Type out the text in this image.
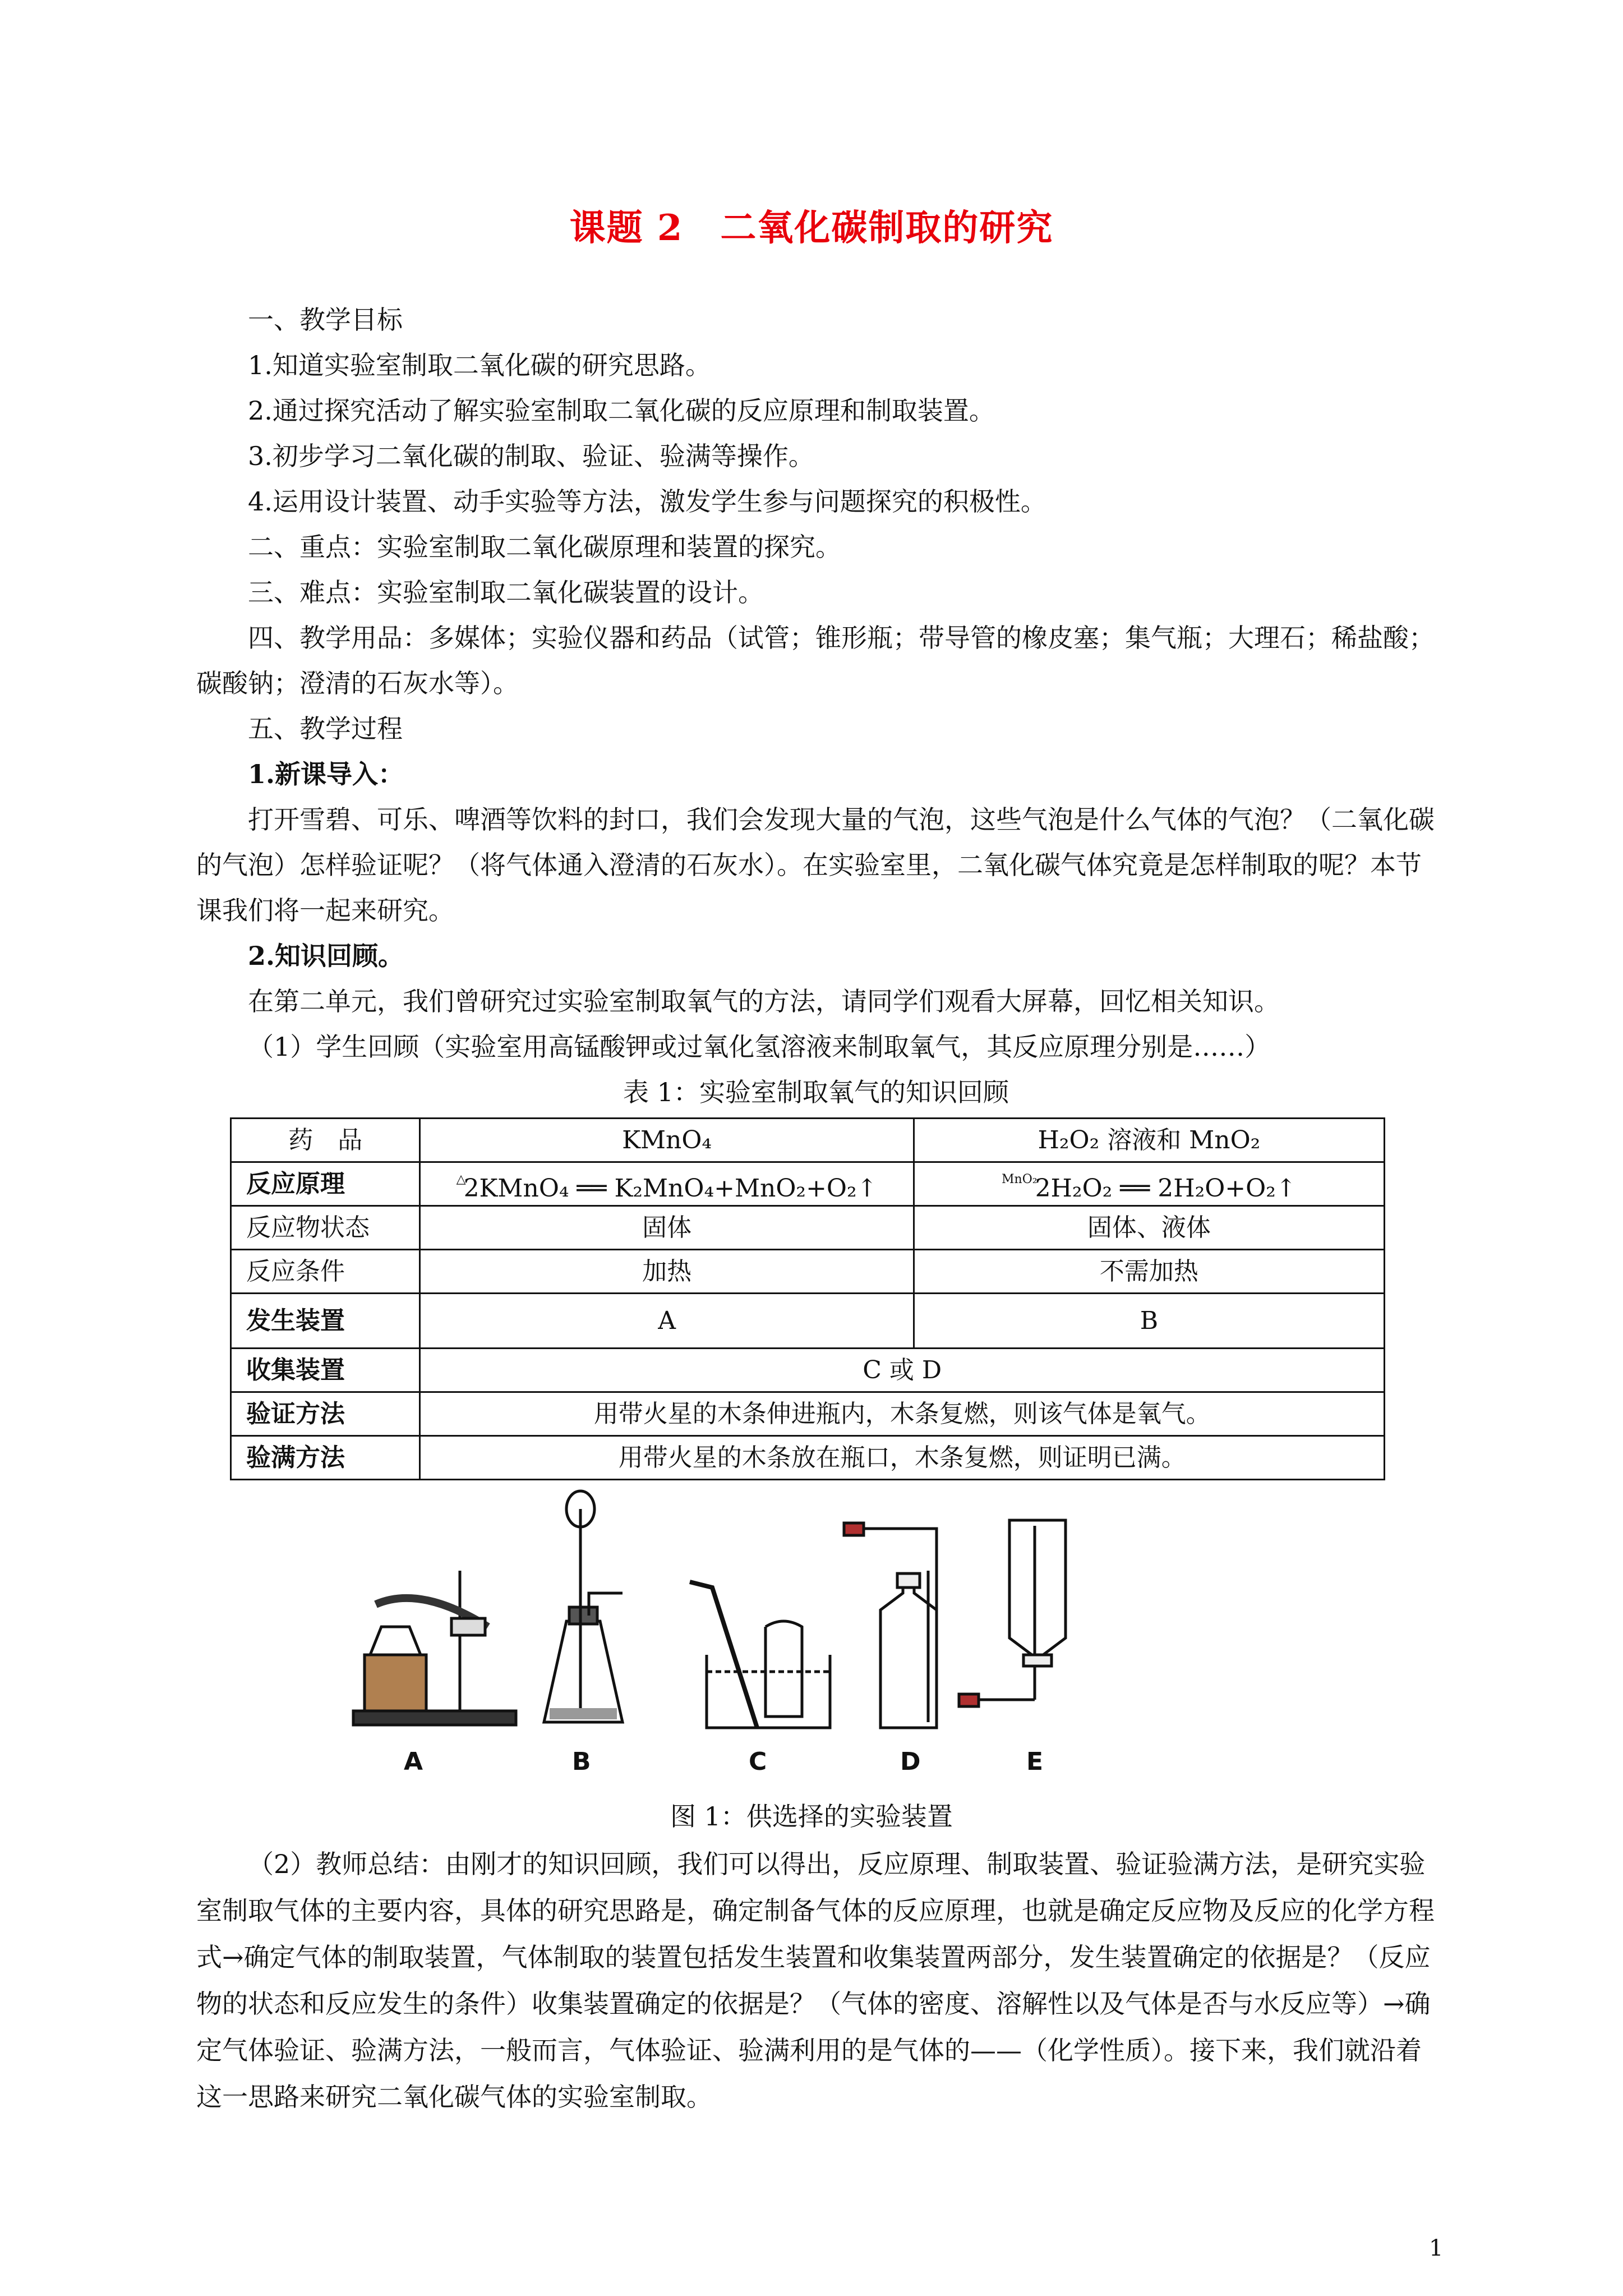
课题 2　二氧化碳制取的研究

一、教学目标

1.知道实验室制取二氧化碳的研究思路。

2.通过探究活动了解实验室制取二氧化碳的反应原理和制取装置。

3.初步学习二氧化碳的制取、验证、验满等操作。

4.运用设计装置、动手实验等方法，激发学生参与问题探究的积极性。

二、重点：实验室制取二氧化碳原理和装置的探究。

三、难点：实验室制取二氧化碳装置的设计。

四、教学用品：多媒体；实验仪器和药品（试管；锥形瓶；带导管的橡皮塞；集气瓶；大理石；稀盐酸；碳酸钠；澄清的石灰水等）。

五、教学过程

1.新课导入：

打开雪碧、可乐、啤酒等饮料的封口，我们会发现大量的气泡，这些气泡是什么气体的气泡？（二氧化碳的气泡）怎样验证呢？（将气体通入澄清的石灰水）。在实验室里，二氧化碳气体究竟是怎样制取的呢？本节课我们将一起来研究。

2.知识回顾。

在第二单元，我们曾研究过实验室制取氧气的方法，请同学们观看大屏幕，回忆相关知识。

（1）学生回顾（实验室用高锰酸钾或过氧化氢溶液来制取氧气，其反应原理分别是……）

表 1：实验室制取氧气的知识回顾

药　品	KMnO₄	H₂O₂ 溶液和 MnO₂
反应原理	△2KMnO₄ ══ K₂MnO₄+MnO₂+O₂↑	$^{MnO_2}$2H₂O₂ ══ 2H₂O+O₂↑
反应物状态	固体	固体、液体
反应条件	加热	不需加热
发生装置	A	B
收集装置	C 或 D	
验证方法	用带火星的木条伸进瓶内，木条复燃，则该气体是氧气。	
验满方法	用带火星的木条放在瓶口，木条复燃，则证明已满。	
A	B	C	D	E
图 1：供选择的实验装置

（2）教师总结：由刚才的知识回顾，我们可以得出，反应原理、制取装置、验证验满方法，是研究实验室制取气体的主要内容，具体的研究思路是，确定制备气体的反应原理，也就是确定反应物及反应的化学方程式→确定气体的制取装置，气体制取的装置包括发生装置和收集装置两部分，发生装置确定的依据是？（反应物的状态和反应发生的条件）收集装置确定的依据是？（气体的密度、溶解性以及气体是否与水反应等）→确定气体验证、验满方法，一般而言，气体验证、验满利用的是气体的——（化学性质）。接下来，我们就沿着这一思路来研究二氧化碳气体的实验室制取。

1
